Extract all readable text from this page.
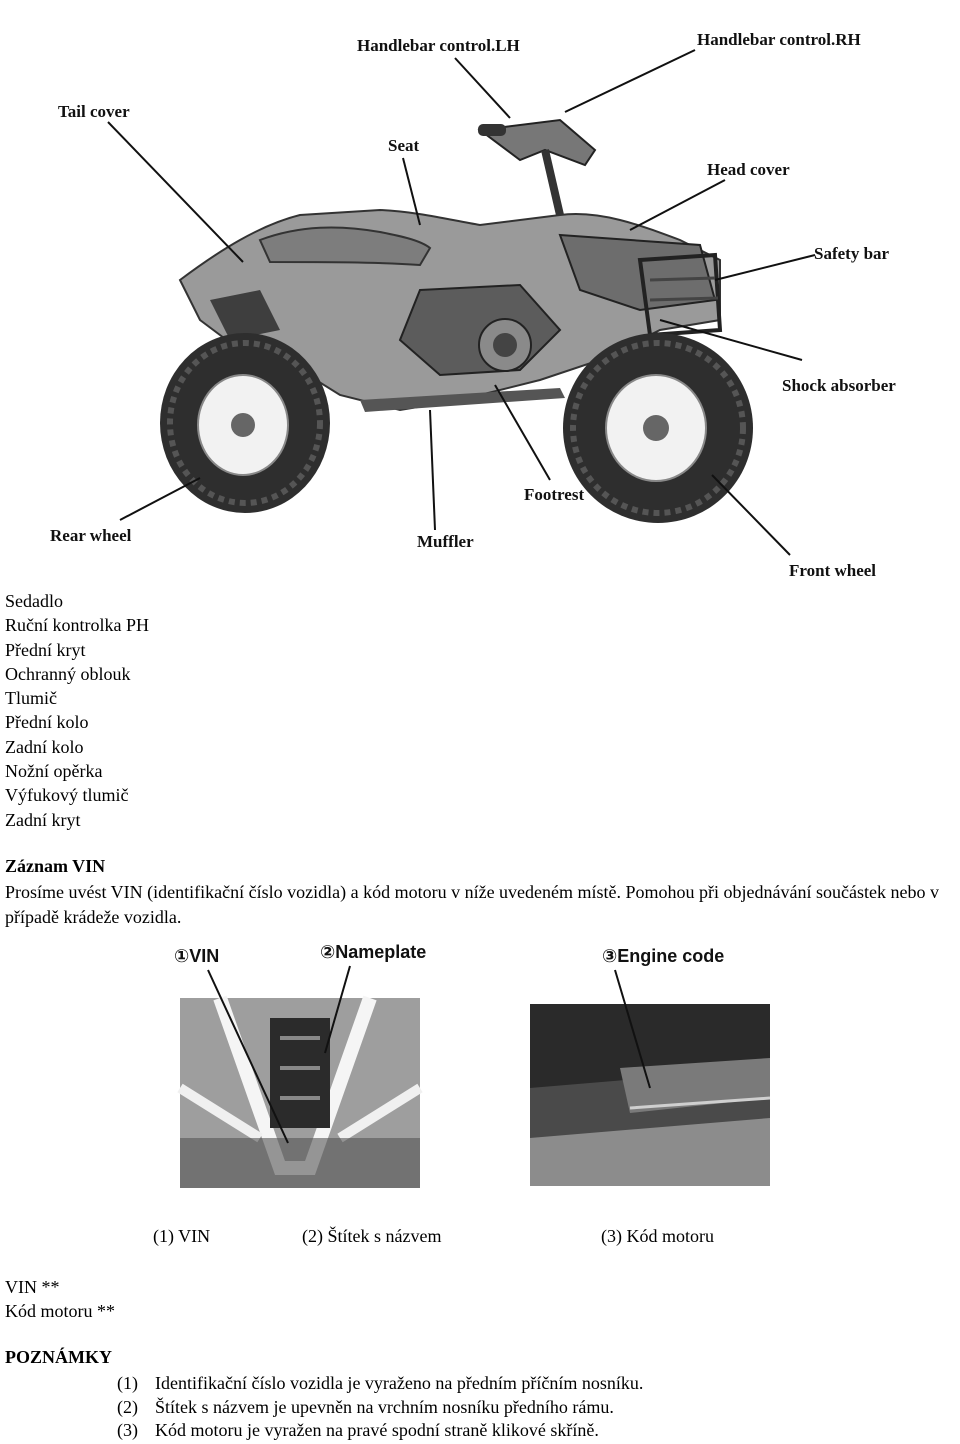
Handlebar control.LH	Handlebar control.RH
Tail cover
Seat
Head cover
Safety bar
Shock absorber
Footrest
Rear wheel	Muffler
Front wheel
Sedadlo
Ruční kontrolka PH
Přední kryt
Ochranný oblouk
Tlumič
Přední kolo
Zadní kolo
Nožní opěrka
Výfukový tlumič
Zadní kryt
Záznam VIN
Prosíme uvést VIN (identifikační číslo vozidla) a kód motoru v níže uvedeném místě. Pomohou při objednávání součástek nebo v případě krádeže vozidla.
①VIN	②Nameplate	③Engine code
(1) VIN	(2) Štítek s názvem	(3) Kód motoru
VIN **
Kód motoru **
POZNÁMKY
(1) Identifikační číslo vozidla je vyraženo na předním příčním nosníku.
(2) Štítek s názvem je upevněn na vrchním nosníku předního rámu.
(3) Kód motoru je vyražen na pravé spodní straně klikové skříně.
